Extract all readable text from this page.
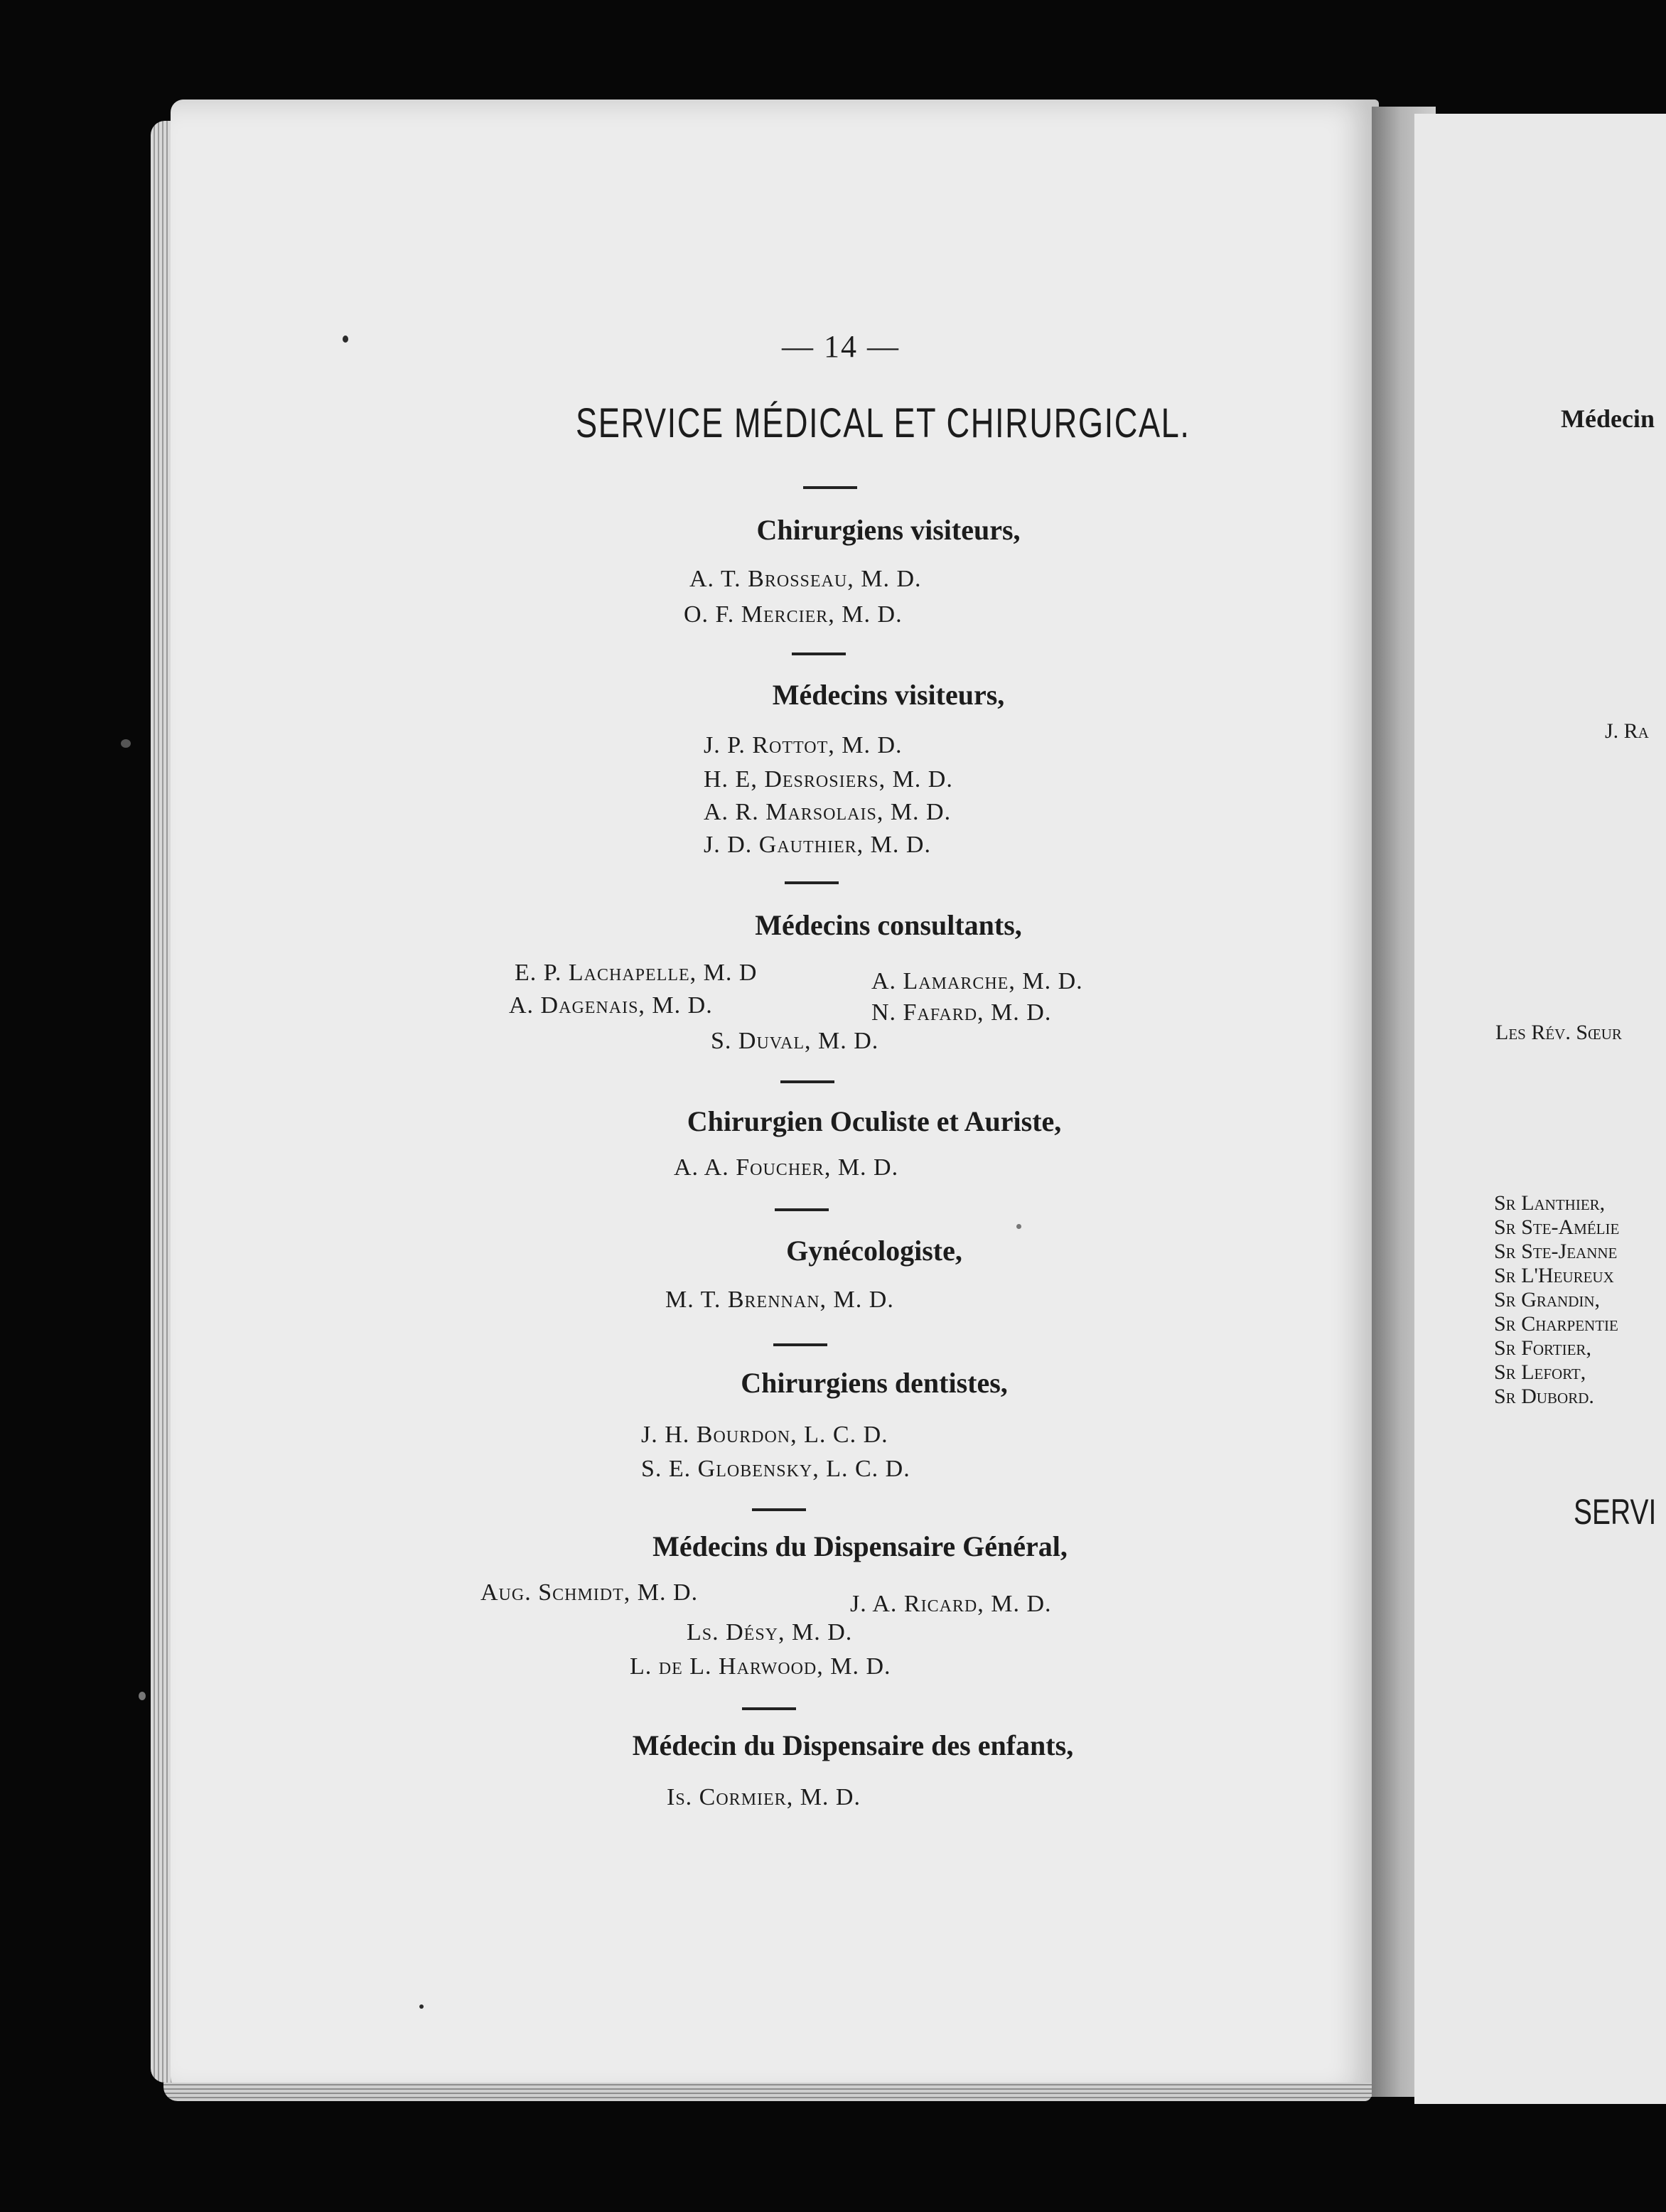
— 14 —
SERVICE MÉDICAL ET CHIRURGICAL.
Chirurgiens visiteurs,
A. T. Brosseau, M. D.
O. F. Mercier, M. D.
Médecins visiteurs,
J. P. Rottot, M. D.
H. E, Desrosiers, M. D.
A. R. Marsolais, M. D.
J. D. Gauthier, M. D.
Médecins consultants,
E. P. Lachapelle, M. D	A. Lamarche, M. D.
A. Dagenais, M. D.	N. Fafard, M. D.
S. Duval, M. D.
Chirurgien Oculiste et Auriste,
A. A. Foucher, M. D.
Gynécologiste,
M. T. Brennan, M. D.
Chirurgiens dentistes,
J. H. Bourdon, L. C. D.
S. E. Globensky, L. C. D.
Médecins du Dispensaire Général,
Aug. Schmidt, M. D.	J. A. Ricard, M. D.
Ls. Désy, M. D.
L. de L. Harwood, M. D.
Médecin du Dispensaire des enfants,
Is. Cormier, M. D.
Médecin
J. Ra
Les Rév. Sœur
Sr Lanthier,
Sr Ste-Amélie
Sr Ste-Jeanne
Sr L'Heureux
Sr Grandin,
Sr Charpentie
Sr Fortier,
Sr Lefort,
Sr Dubord.
SERVI
